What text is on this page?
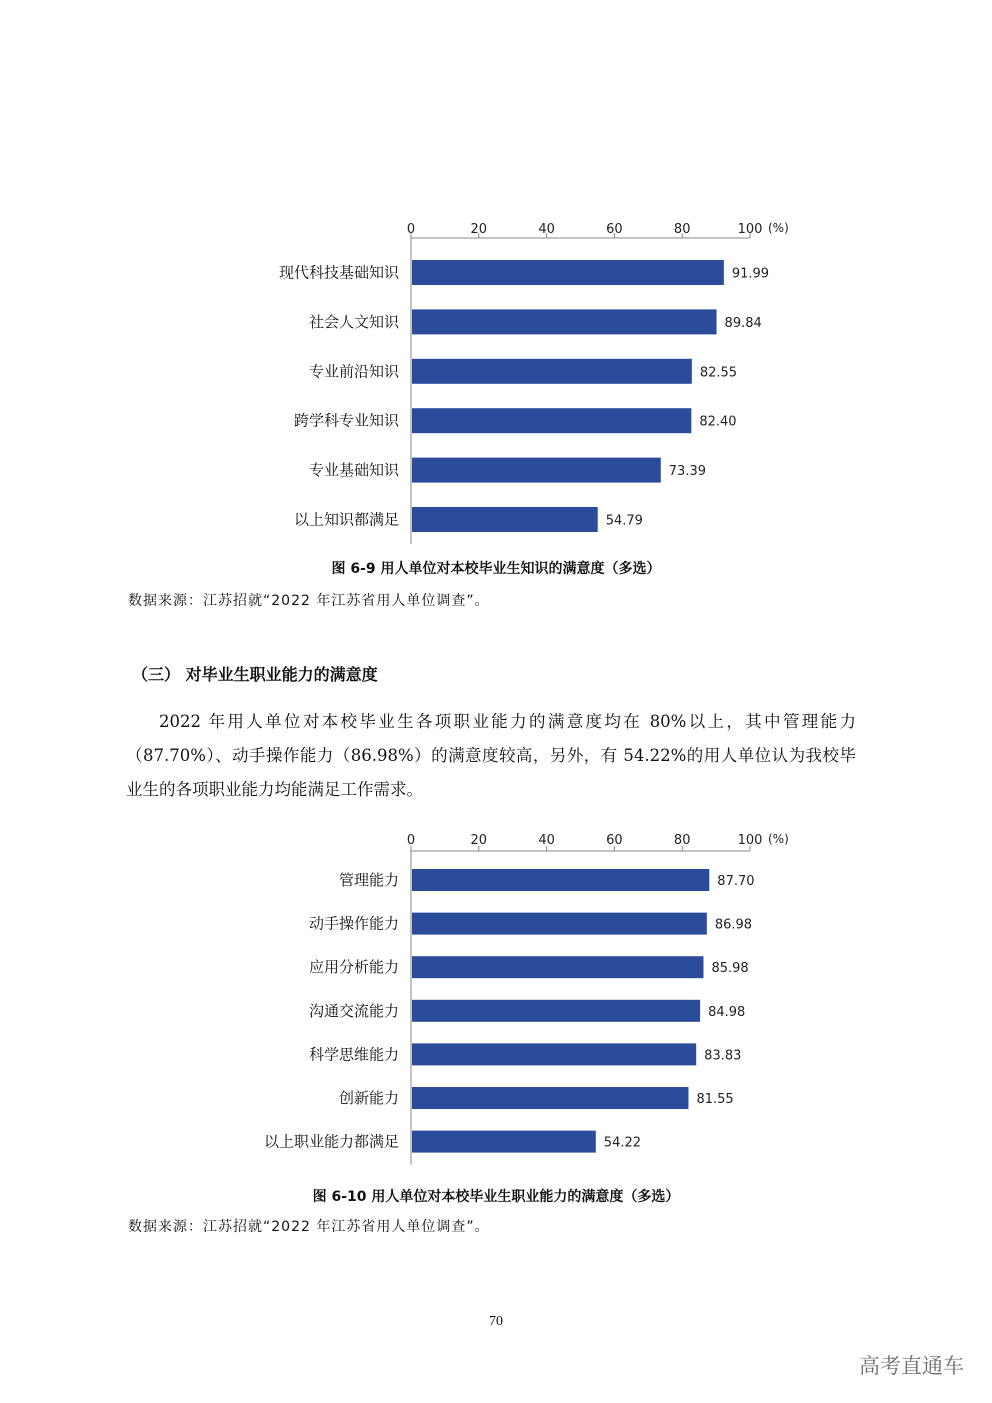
0	20	40	60	80	100 (%)
现代科技基础知识	91.99
社会人文知识	89.84
专业前沿知识	82.55
跨学科专业知识	82.40
专业基础知识	73.39
以上知识都满足	54.79
图 6-9 用人单位对本校毕业生知识的满意度（多选）
数据来源：江苏招就“2022 年江苏省用人单位调查”。
（三） 对毕业生职业能力的满意度

2022 年用人单位对本校毕业生各项职业能力的满意度均在 80%以上，其中管理能力（87.70%）、动手操作能力（86.98%）的满意度较高，另外，有 54.22%的用人单位认为我校毕业生的各项职业能力均能满足工作需求。

0	20	40	60	80	100 (%)
管理能力	87.70
动手操作能力	86.98
应用分析能力	85.98
沟通交流能力	84.98
科学思维能力	83.83
创新能力	81.55
以上职业能力都满足	54.22
图 6-10 用人单位对本校毕业生职业能力的满意度（多选）
数据来源：江苏招就“2022 年江苏省用人单位调查”。
70
高考直通车
